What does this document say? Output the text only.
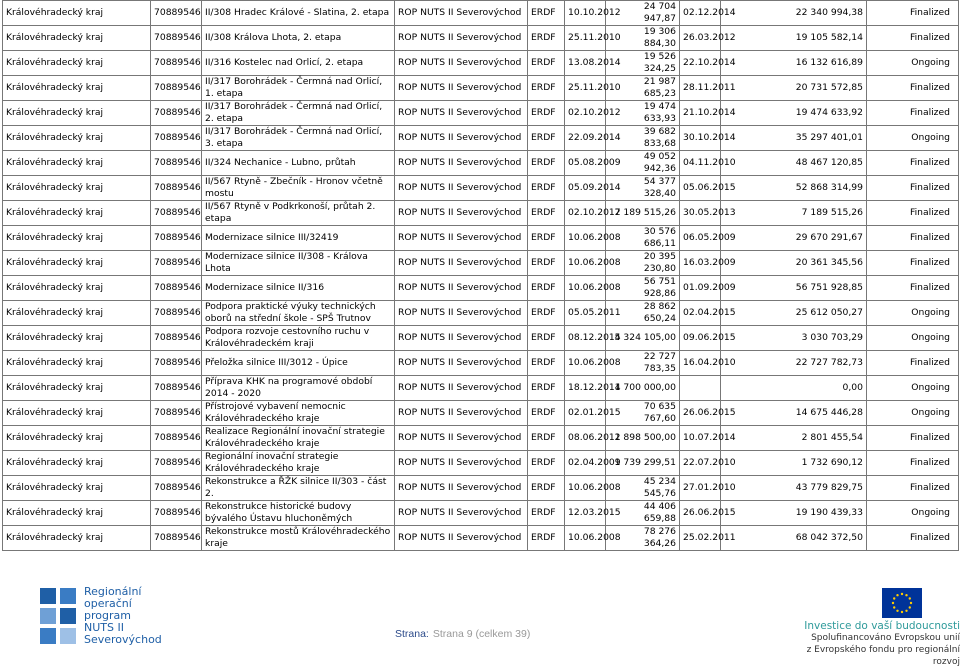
Královéhradecký kraj	70889546	II/308 Hradec Králové - Slatina, 2. etapa	ROP NUTS II Severovýchod	ERDF	10.10.2012	24 704 947,87	02.12.2014	22 340 994,38	Finalized
Královéhradecký kraj	70889546	II/308 Králova Lhota, 2. etapa	ROP NUTS II Severovýchod	ERDF	25.11.2010	19 306 884,30	26.03.2012	19 105 582,14	Finalized
Královéhradecký kraj	70889546	II/316 Kostelec nad Orlicí, 2. etapa	ROP NUTS II Severovýchod	ERDF	13.08.2014	19 526 324,25	22.10.2014	16 132 616,89	Ongoing
Královéhradecký kraj	70889546	II/317 Borohrádek - Čermná nad Orlicí, 1. etapa	ROP NUTS II Severovýchod	ERDF	25.11.2010	21 987 685,23	28.11.2011	20 731 572,85	Finalized
Královéhradecký kraj	70889546	II/317 Borohrádek - Čermná nad Orlicí, 2. etapa	ROP NUTS II Severovýchod	ERDF	02.10.2012	19 474 633,93	21.10.2014	19 474 633,92	Finalized
Královéhradecký kraj	70889546	II/317 Borohrádek - Čermná nad Orlicí, 3. etapa	ROP NUTS II Severovýchod	ERDF	22.09.2014	39 682 833,68	30.10.2014	35 297 401,01	Ongoing
Královéhradecký kraj	70889546	II/324 Nechanice - Lubno, průtah	ROP NUTS II Severovýchod	ERDF	05.08.2009	49 052 942,36	04.11.2010	48 467 120,85	Finalized
Královéhradecký kraj	70889546	II/567 Rtyně - Zbečník - Hronov včetně mostu	ROP NUTS II Severovýchod	ERDF	05.09.2014	54 377 328,40	05.06.2015	52 868 314,99	Finalized
Královéhradecký kraj	70889546	II/567 Rtyně v Podkrkonoší, průtah 2. etapa	ROP NUTS II Severovýchod	ERDF	02.10.2012	7 189 515,26	30.05.2013	7 189 515,26	Finalized
Královéhradecký kraj	70889546	Modernizace silnice III/32419	ROP NUTS II Severovýchod	ERDF	10.06.2008	30 576 686,11	06.05.2009	29 670 291,67	Finalized
Královéhradecký kraj	70889546	Modernizace silnice II/308 - Králova Lhota	ROP NUTS II Severovýchod	ERDF	10.06.2008	20 395 230,80	16.03.2009	20 361 345,56	Finalized
Královéhradecký kraj	70889546	Modernizace silnice II/316	ROP NUTS II Severovýchod	ERDF	10.06.2008	56 751 928,86	01.09.2009	56 751 928,85	Finalized
Královéhradecký kraj	70889546	Podpora praktické výuky technických oborů na střední škole - SPŠ Trutnov	ROP NUTS II Severovýchod	ERDF	05.05.2011	28 862 650,24	02.04.2015	25 612 050,27	Ongoing
Královéhradecký kraj	70889546	Podpora rozvoje cestovního ruchu v Královéhradeckém kraji	ROP NUTS II Severovýchod	ERDF	08.12.2014	5 324 105,00	09.06.2015	3 030 703,29	Ongoing
Královéhradecký kraj	70889546	Přeložka silnice III/3012 - Úpice	ROP NUTS II Severovýchod	ERDF	10.06.2008	22 727 783,35	16.04.2010	22 727 782,73	Finalized
Královéhradecký kraj	70889546	Příprava KHK na programové období 2014 - 2020	ROP NUTS II Severovýchod	ERDF	18.12.2014	1 700 000,00		0,00	Ongoing
Královéhradecký kraj	70889546	Přístrojové vybavení nemocnic Královéhradeckého kraje	ROP NUTS II Severovýchod	ERDF	02.01.2015	70 635 767,60	26.06.2015	14 675 446,28	Ongoing
Královéhradecký kraj	70889546	Realizace Regionální inovační strategie Královéhradeckého kraje	ROP NUTS II Severovýchod	ERDF	08.06.2011	2 898 500,00	10.07.2014	2 801 455,54	Finalized
Královéhradecký kraj	70889546	Regionální inovační strategie Královéhradeckého kraje	ROP NUTS II Severovýchod	ERDF	02.04.2009	1 739 299,51	22.07.2010	1 732 690,12	Finalized
Královéhradecký kraj	70889546	Rekonstrukce a ŘŽK silnice II/303 - část 2.	ROP NUTS II Severovýchod	ERDF	10.06.2008	45 234 545,76	27.01.2010	43 779 829,75	Finalized
Královéhradecký kraj	70889546	Rekonstrukce historické budovy bývalého Ústavu hluchoněmých	ROP NUTS II Severovýchod	ERDF	12.03.2015	44 406 659,88	26.06.2015	19 190 439,33	Ongoing
Královéhradecký kraj	70889546	Rekonstrukce mostů Královéhradeckého kraje	ROP NUTS II Severovýchod	ERDF	10.06.2008	78 276 364,26	25.02.2011	68 042 372,50	Finalized
Regionální
operační program
NUTS II Severovýchod	Strana: Strana 9 (celkem 39)
Investice do vaší budoucnosti
Spolufinancováno Evropskou unií
z Evropského fondu pro regionální rozvoj
